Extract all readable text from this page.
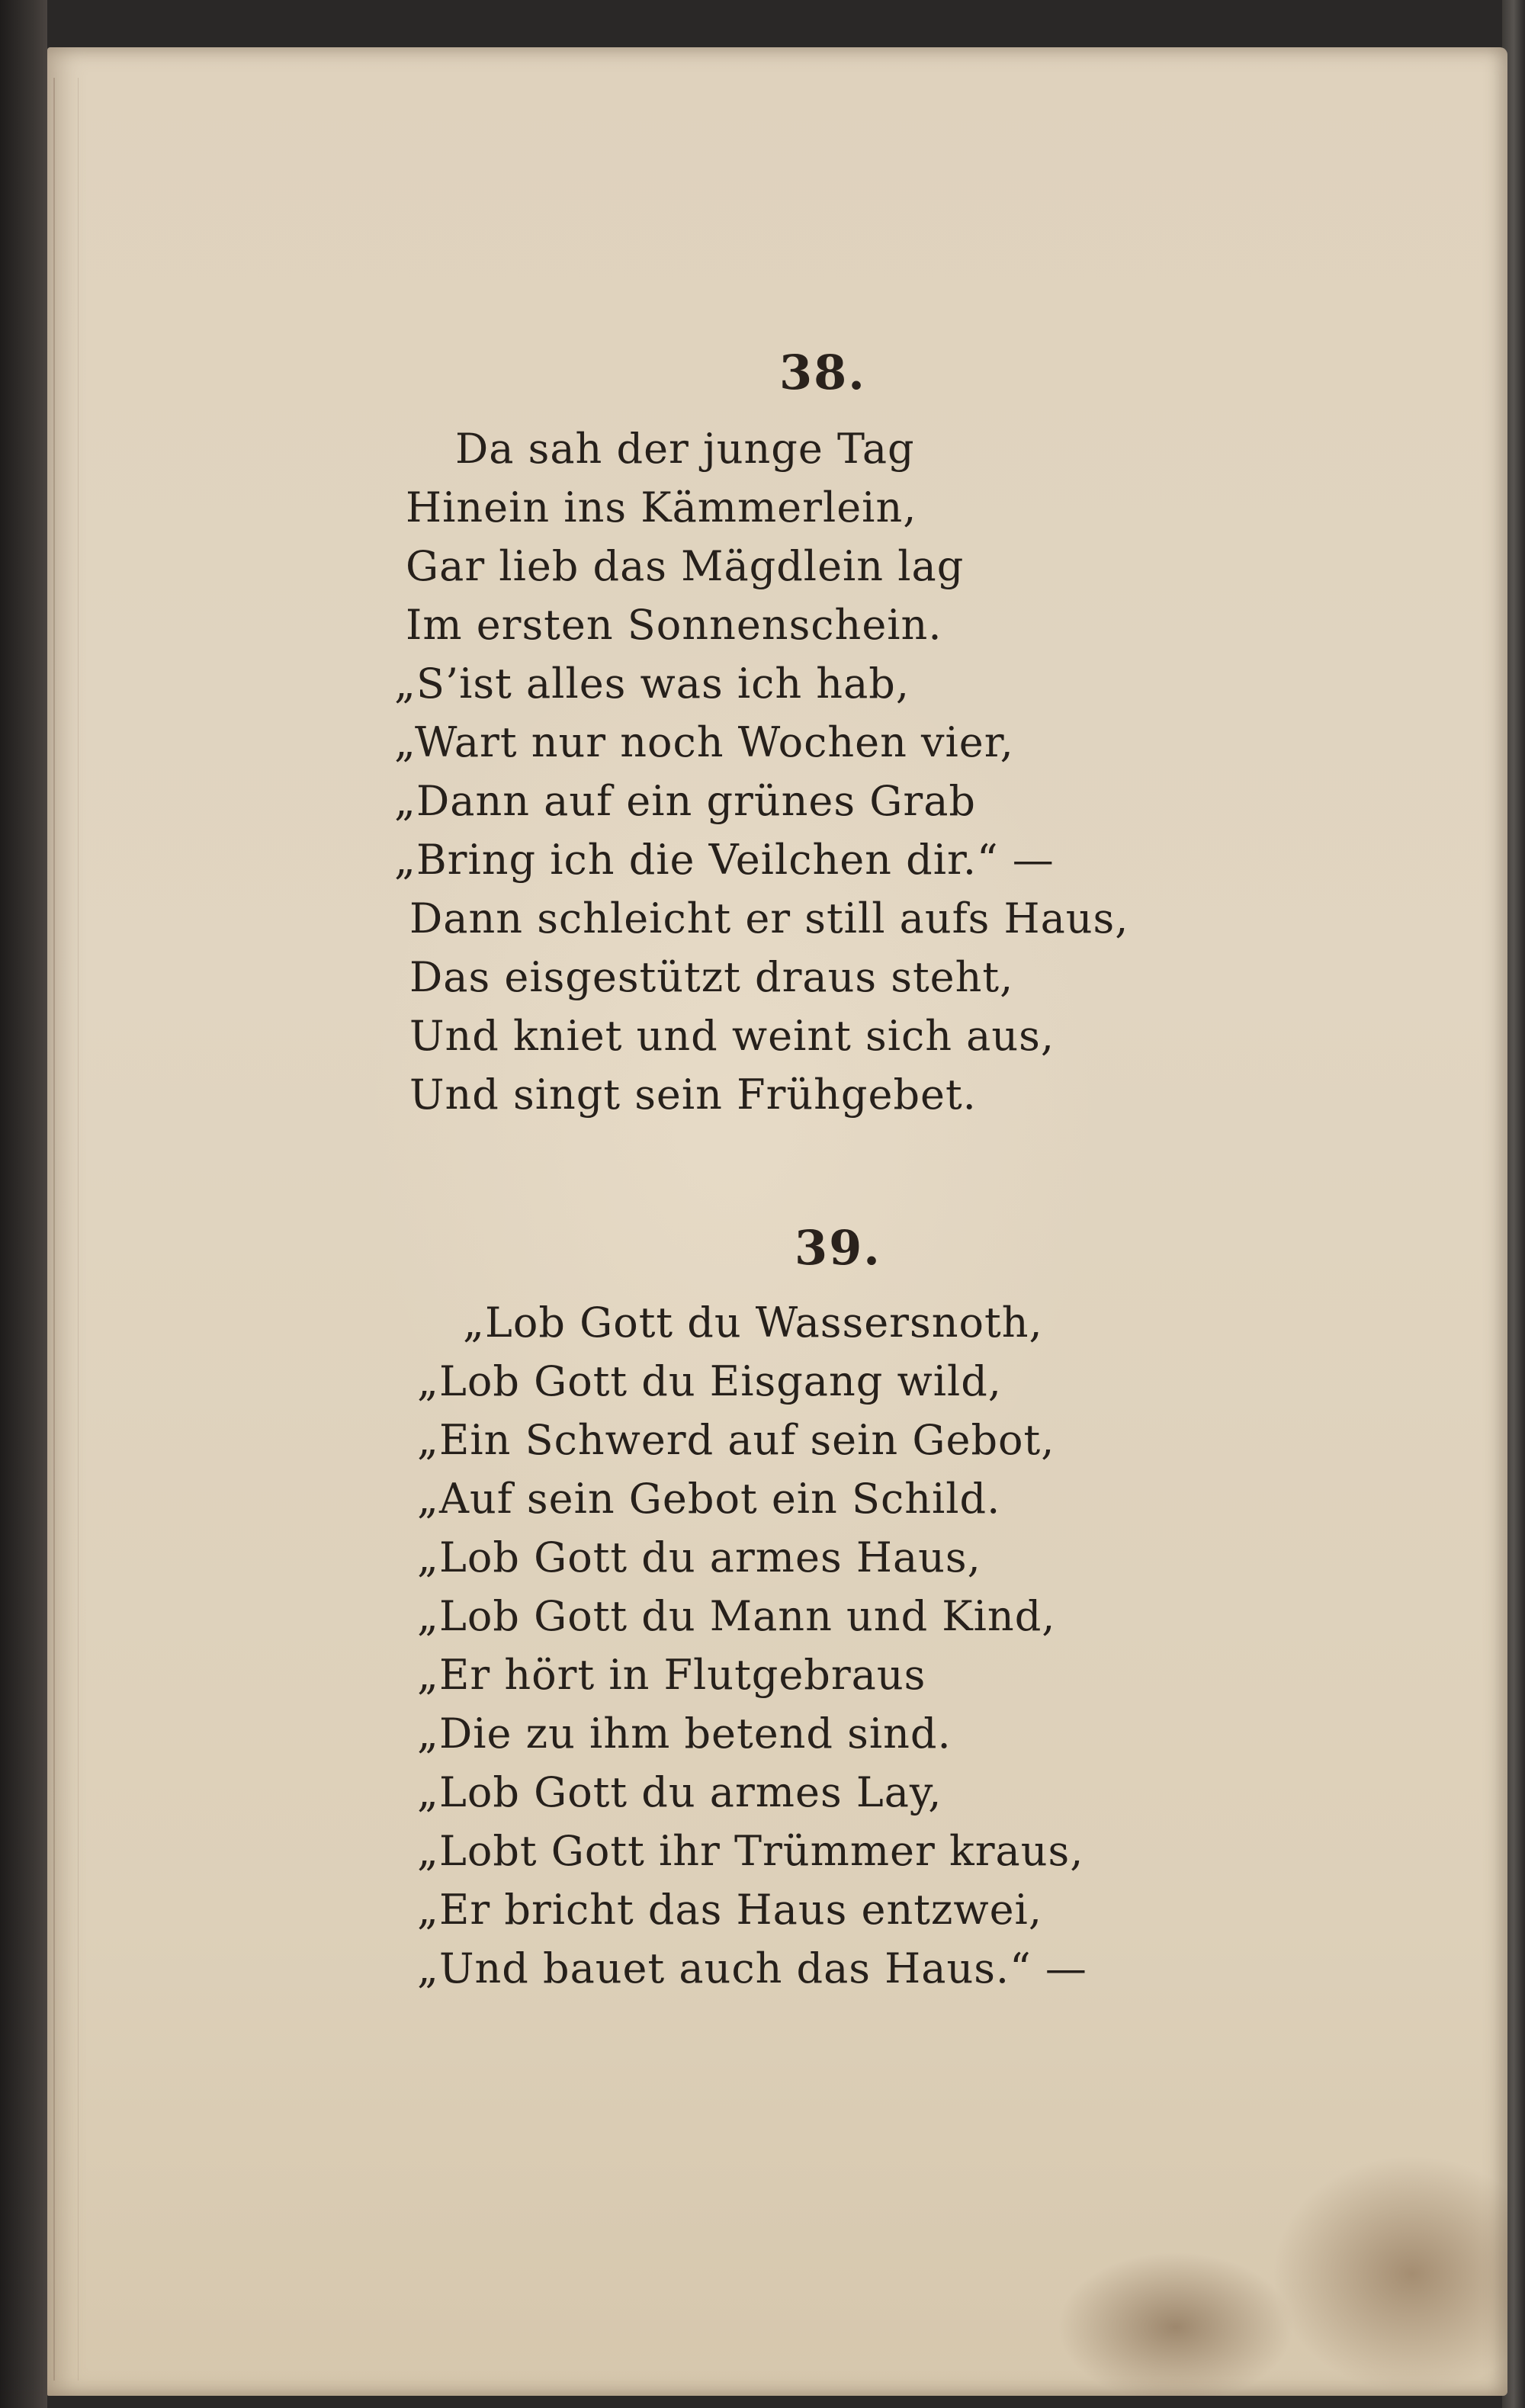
38.
Da sah der junge Tag
Hinein ins Kämmerlein,
Gar lieb das Mägdlein lag
Im ersten Sonnenschein.
„S’ist alles was ich hab,
„Wart nur noch Wochen vier,
„Dann auf ein grünes Grab
„Bring ich die Veilchen dir.“ —
Dann schleicht er still aufs Haus,
Das eisgestützt draus steht,
Und kniet und weint sich aus,
Und singt sein Frühgebet.
39.
„Lob Gott du Wassersnoth,
„Lob Gott du Eisgang wild,
„Ein Schwerd auf sein Gebot,
„Auf sein Gebot ein Schild.
„Lob Gott du armes Haus,
„Lob Gott du Mann und Kind,
„Er hört in Flutgebraus
„Die zu ihm betend sind.
„Lob Gott du armes Lay,
„Lobt Gott ihr Trümmer kraus,
„Er bricht das Haus entzwei,
„Und bauet auch das Haus.“ —
